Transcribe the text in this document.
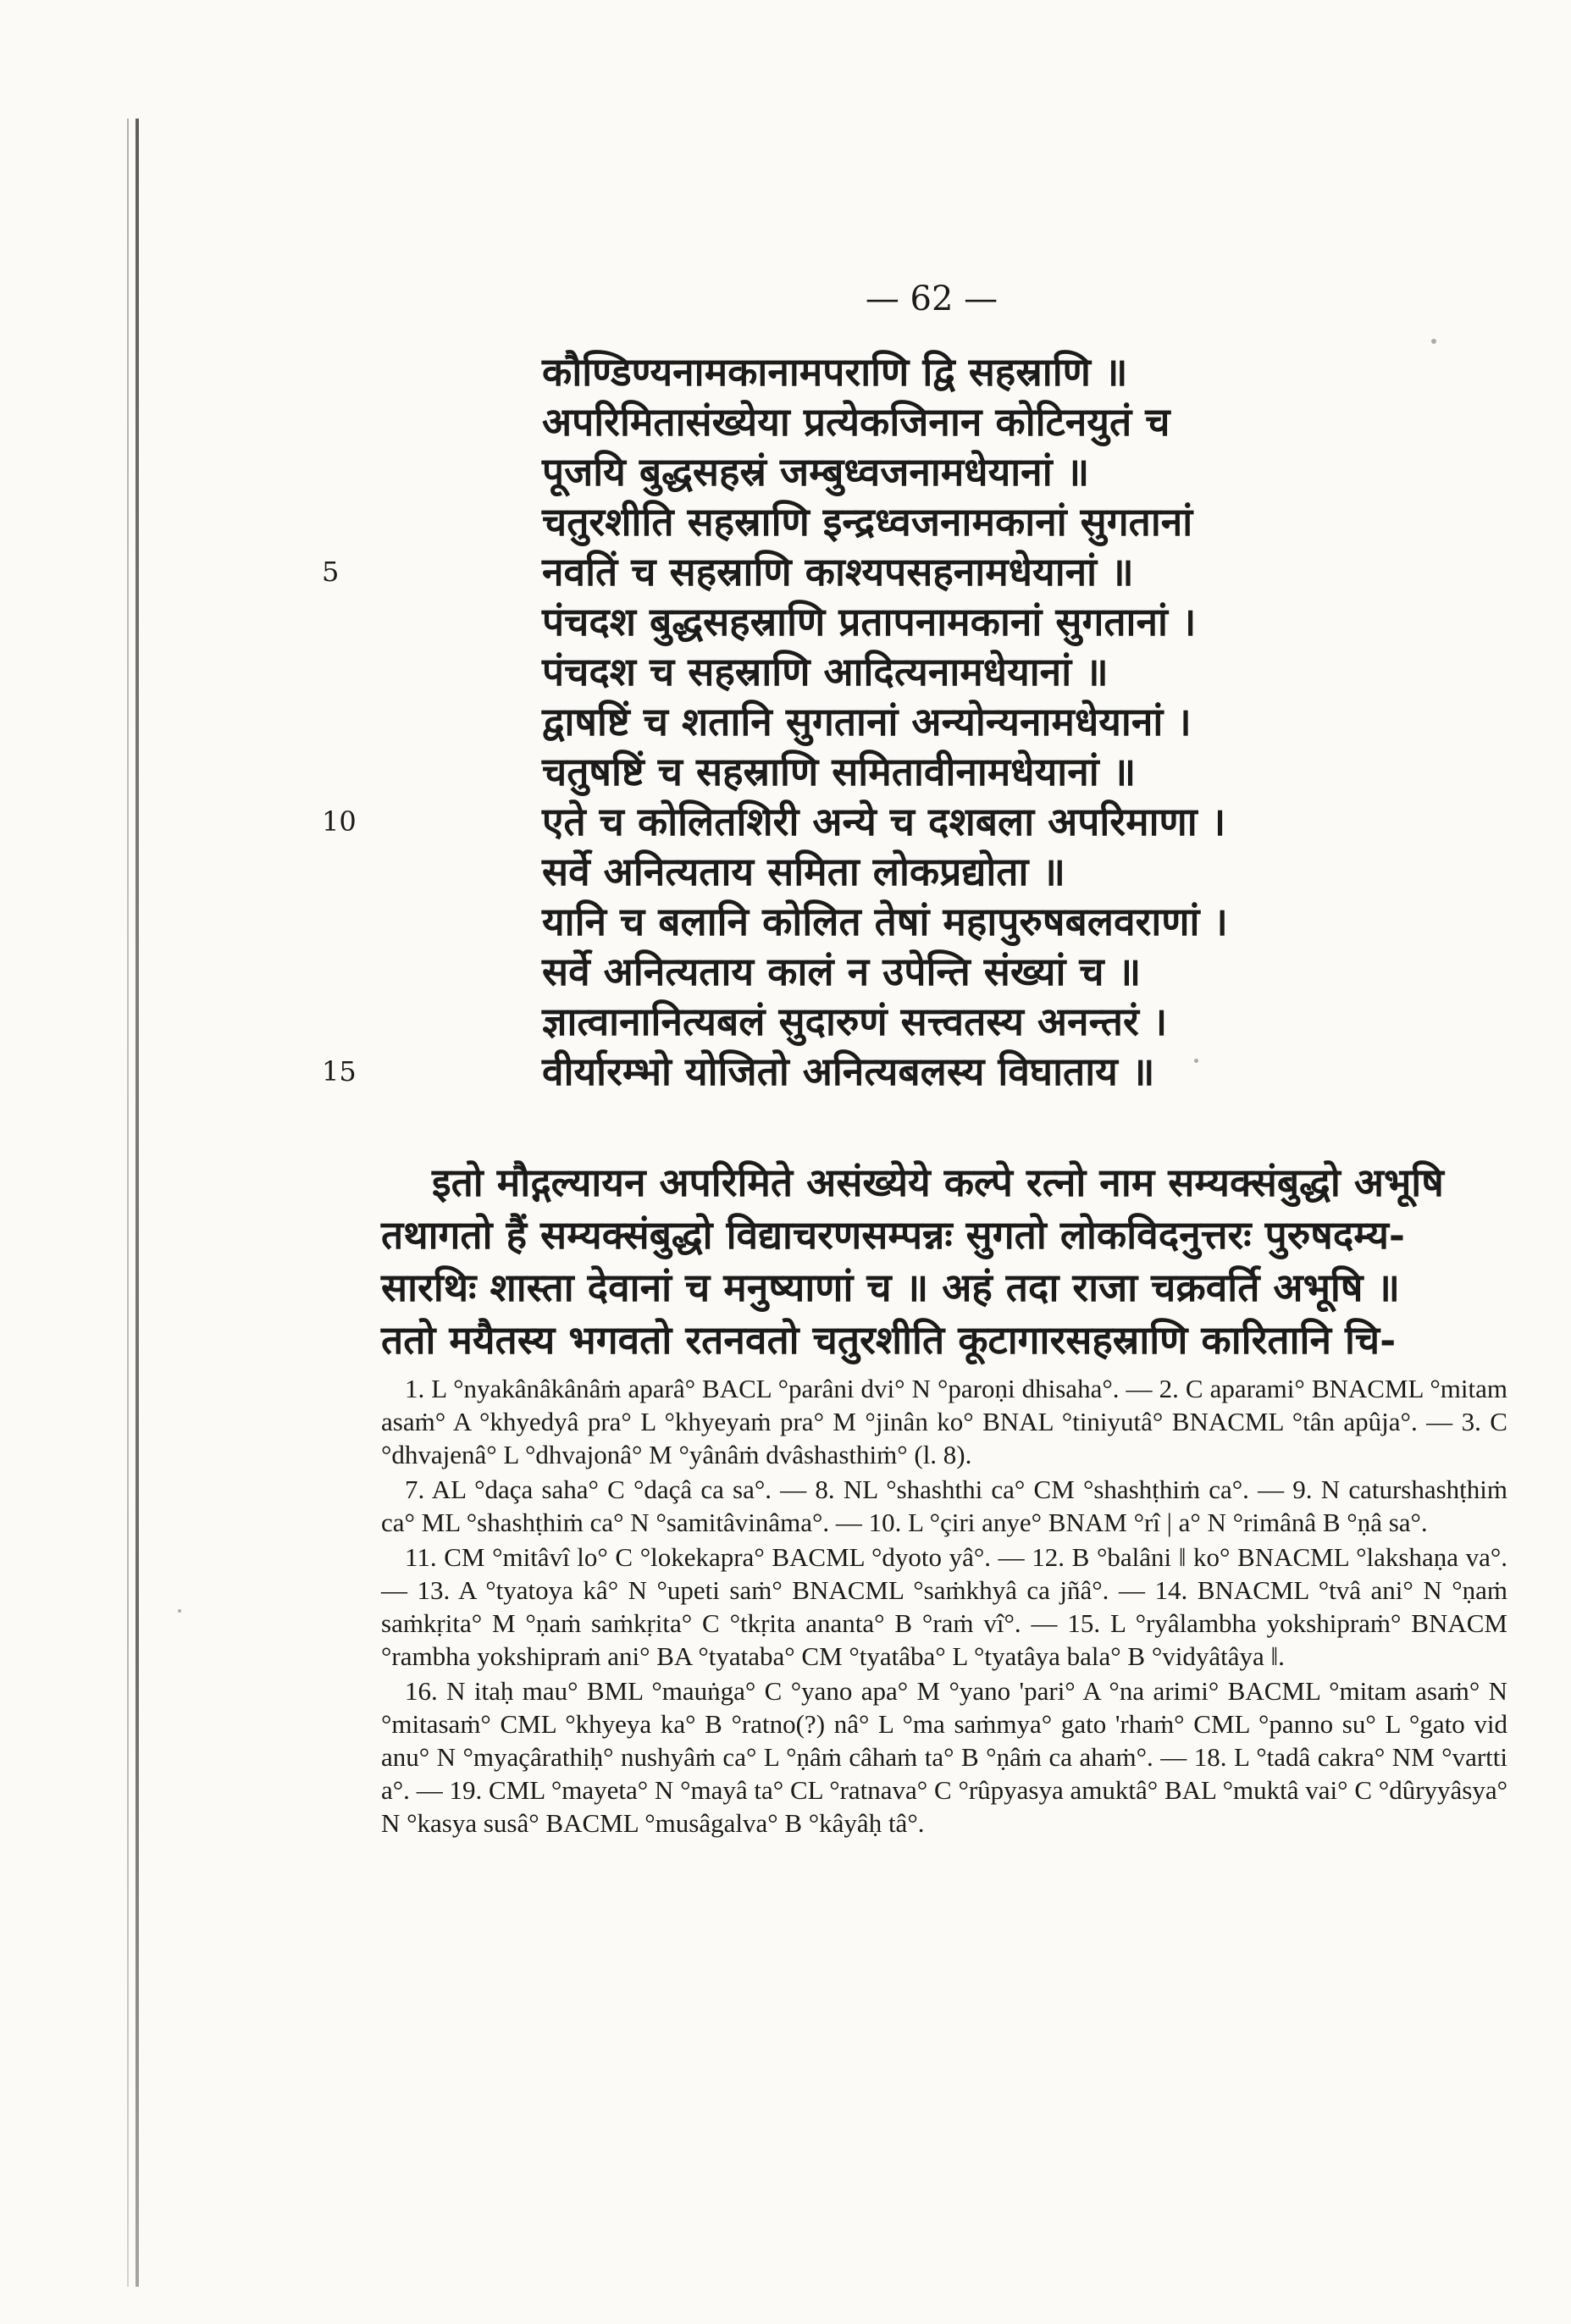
— 62 —
कौण्डिण्यनामकानामपराणि द्वि सहस्राणि ॥
अपरिमितासंख्येया प्रत्येकजिनान कोटिनयुतं च
पूजयि बुद्धसहस्रं जम्बुध्वजनामधेयानां ॥
चतुरशीति सहस्राणि इन्द्रध्वजनामकानां सुगतानां
5	नवतिं च सहस्राणि काश्यपसहनामधेयानां ॥
पंचदश बुद्धसहस्राणि प्रतापनामकानां सुगतानां ।
पंचदश च सहस्राणि आदित्यनामधेयानां ॥
द्वाषष्टिं च शतानि सुगतानां अन्योन्यनामधेयानां ।
चतुषष्टिं च सहस्राणि समितावीनामधेयानां ॥
10	एते च कोलितशिरी अन्ये च दशबला अपरिमाणा ।
सर्वे अनित्यताय समिता लोकप्रद्योता ॥
यानि च बलानि कोलित तेषां महापुरुषबलवराणां ।
सर्वे अनित्यताय कालं न उपेन्ति संख्यां च ॥
ज्ञात्वानानित्यबलं सुदारुणं सत्त्वतस्य अनन्तरं ।
15	वीर्यारम्भो योजितो अनित्यबलस्य विघाताय ॥

इतो मौद्गल्यायन अपरिमिते असंख्येये कल्पे रत्नो नाम सम्यक्संबुद्धो अभूषि

तथागतो हैं सम्यक्संबुद्धो विद्याचरणसम्पन्नः सुगतो लोकविदनुत्तरः पुरुषदम्य-

सारथिः शास्ता देवानां च मनुष्याणां च ॥ अहं तदा राजा चक्रवर्ति अभूषि ॥

ततो मयैतस्य भगवतो रतनवतो चतुरशीति कूटागारसहस्राणि कारितानि चि-

1. L °nyakânâkânâṁ aparâ° BACL °parâni dvi° N °paroṇi dhisaha°. — 2. C aparami° BNACML °mitam asaṁ° A °khyedyâ pra° L °khyeyaṁ pra° M °jinân ko° BNAL °tiniyutâ° BNACML °tân apûja°. — 3. C °dhvajenâ° L °dhvajonâ° M °yânâṁ dvâshasthiṁ° (l. 8).

7. AL °daça saha° C °daçâ ca sa°. — 8. NL °shashthi ca° CM °shashṭhiṁ ca°. — 9. N caturshashṭhiṁ ca° ML °shashṭhiṁ ca° N °samitâvinâma°. — 10. L °çiri anye° BNAM °rî | a° N °rimânâ B °ṇâ sa°.

11. CM °mitâvî lo° C °lokekapra° BACML °dyoto yâ°. — 12. B °balâni ‖ ko° BNACML °lakshaṇa va°. — 13. A °tyatoya kâ° N °upeti saṁ° BNACML °saṁkhyâ ca jñâ°. — 14. BNACML °tvâ ani° N °ṇaṁ saṁkṛita° M °ṇaṁ saṁkṛita° C °tkṛita ananta° B °raṁ vî°. — 15. L °ryâlambha yokshipraṁ° BNACM °rambha yokshipraṁ ani° BA °tyataba° CM °tyatâba° L °tyatâya bala° B °vidyâtâya ‖.

16. N itaḥ mau° BML °mauṅga° C °yano apa° M °yano 'pari° A °na arimi° BACML °mitam asaṁ° N °mitasaṁ° CML °khyeya ka° B °ratno(?) nâ° L °ma saṁmya° gato 'rhaṁ° CML °panno su° L °gato vid anu° N °myaçârathiḥ° nushyâṁ ca° L °ṇâṁ câhaṁ ta° B °ṇâṁ ca ahaṁ°. — 18. L °tadâ cakra° NM °vartti a°. — 19. CML °mayeta° N °mayâ ta° CL °ratnava° C °rûpyasya amuktâ° BAL °muktâ vai° C °dûryyâsya° N °kasya susâ° BACML °musâgalva° B °kâyâḥ tâ°.
